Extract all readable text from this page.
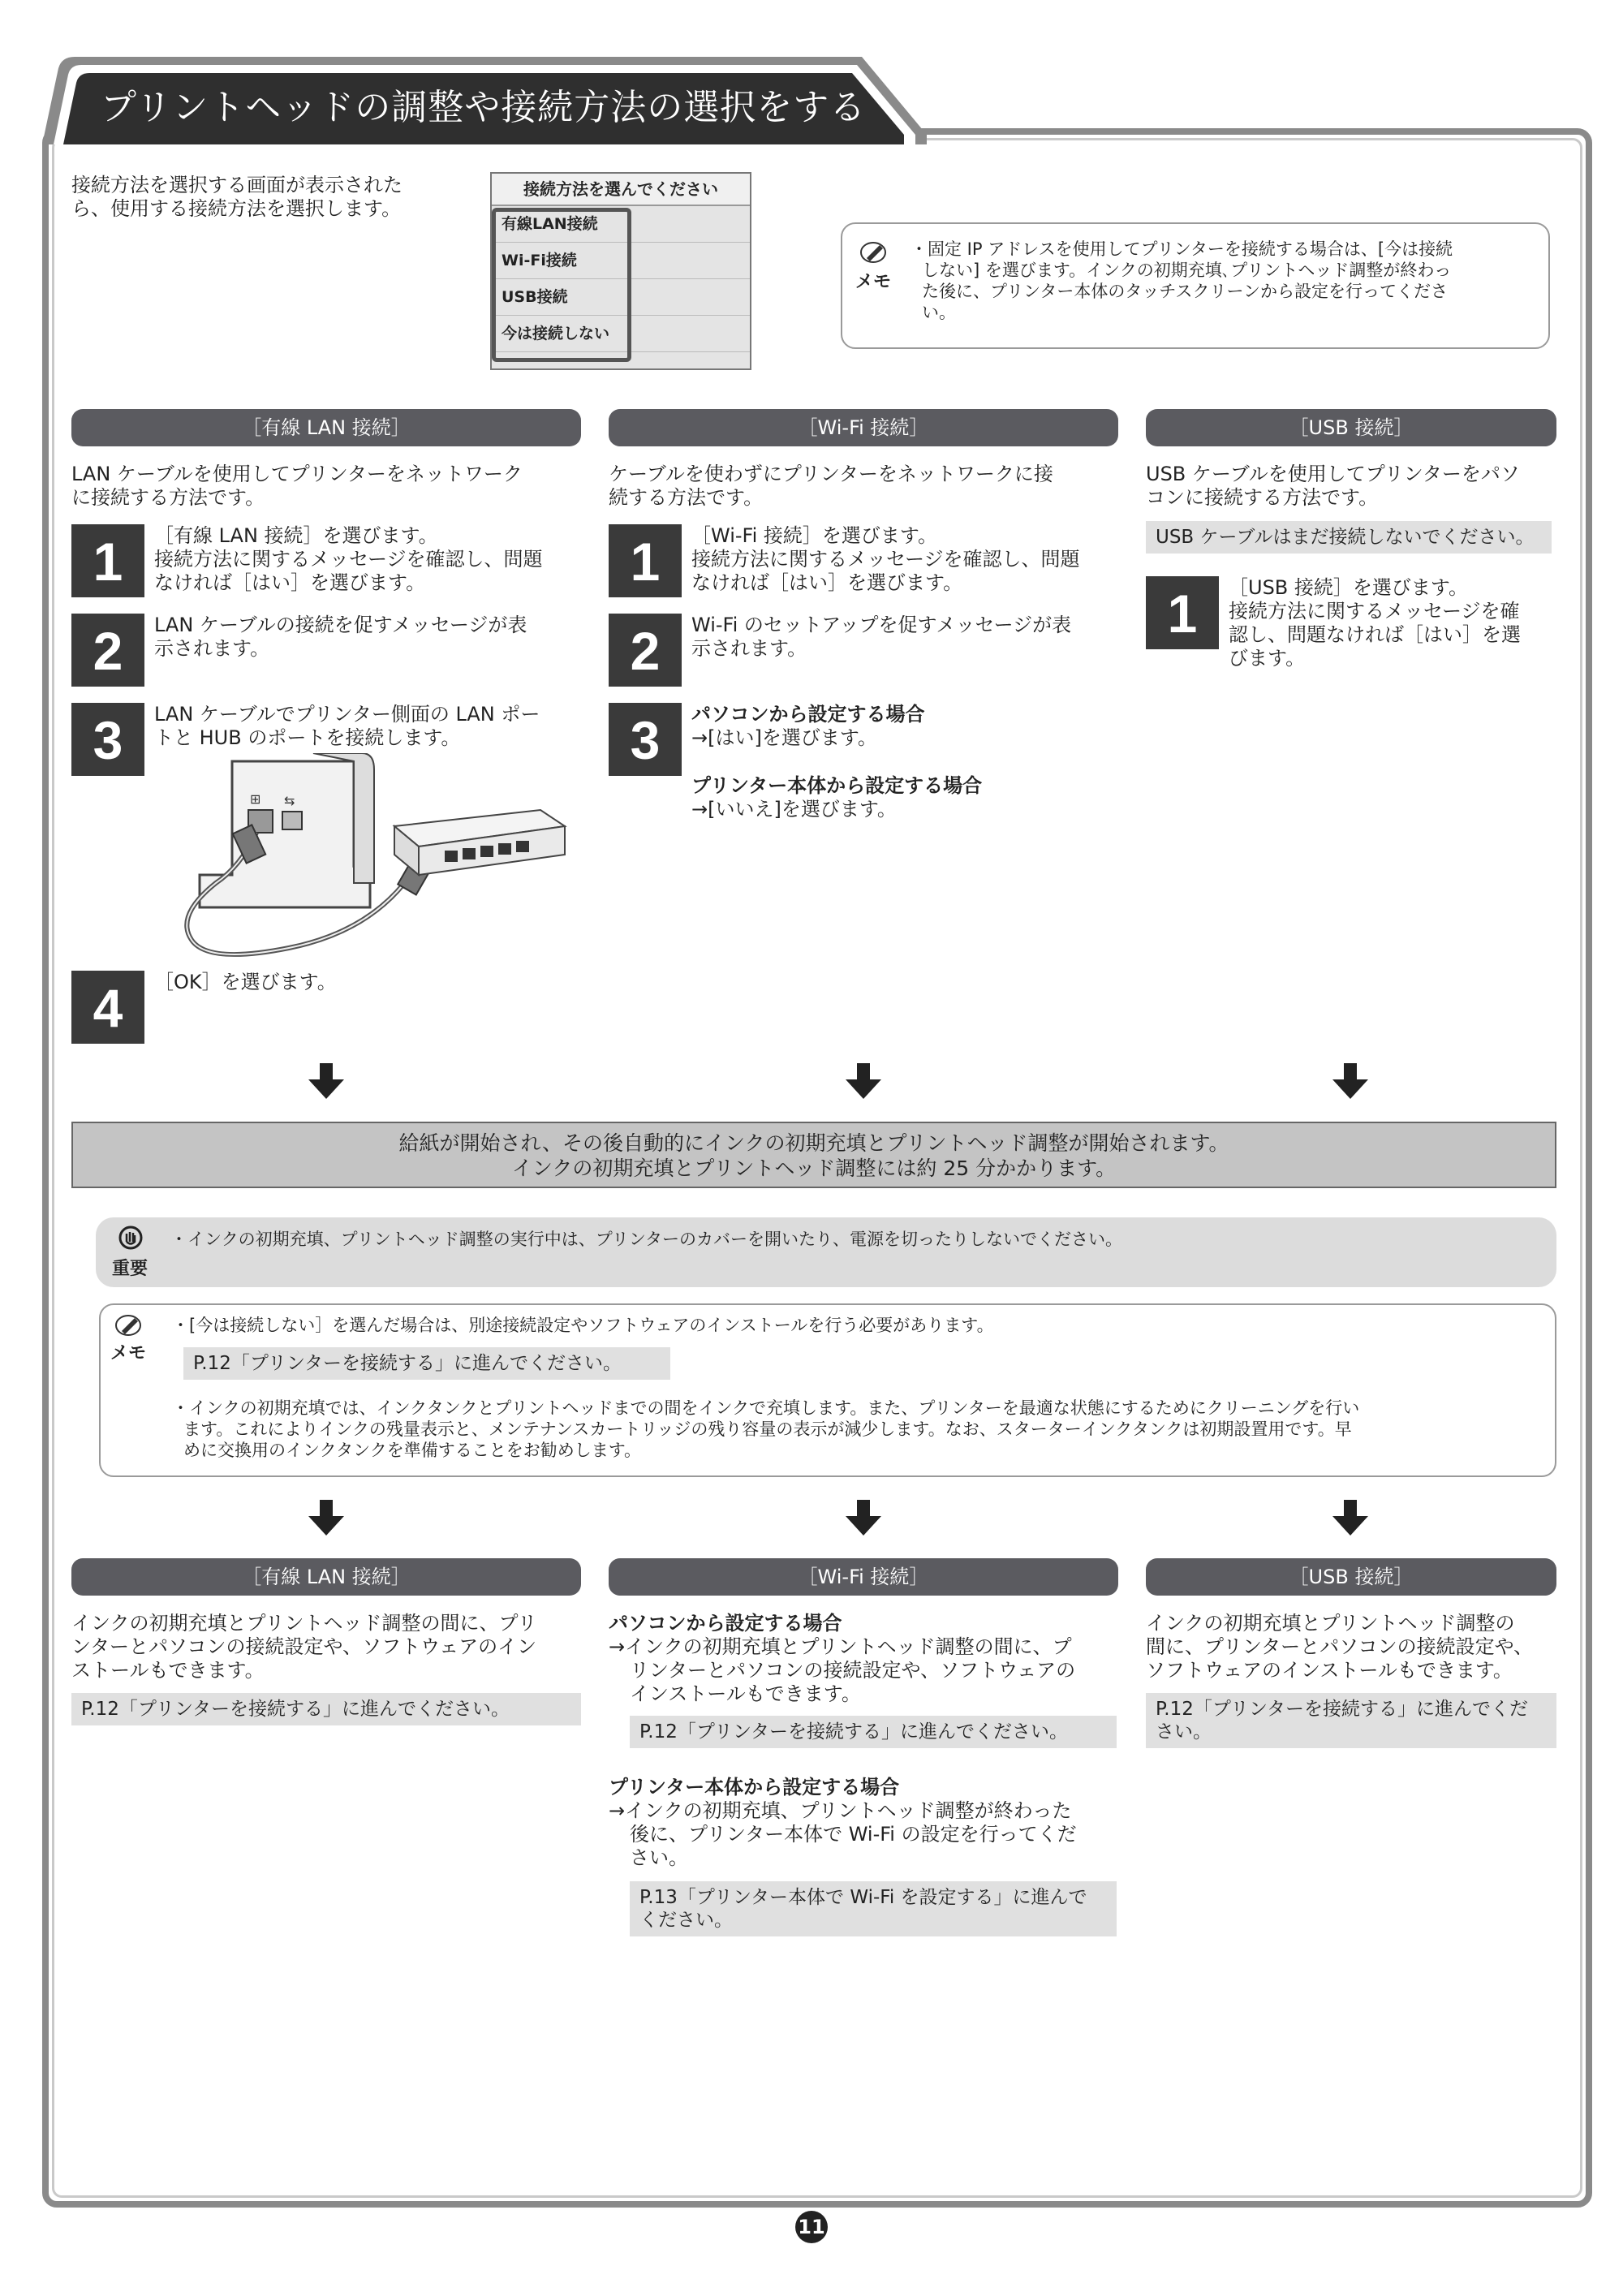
プリントヘッドの調整や接続方法の選択をする
接続方法を選択する画面が表示された
ら、使用する接続方法を選択します。
接続方法を選んでください
有線LAN接続
Wi-Fi接続
USB接続
今は接続しない
メモ
・固定 IP アドレスを使用してプリンターを接続する場合は、[今は接続
しない] を選びます。インクの初期充填､プリントヘッド調整が終わっ
た後に、プリンター本体のタッチスクリーンから設定を行ってくださ
い。
［有線 LAN 接続］	［Wi-Fi 接続］	［USB 接続］
LAN ケーブルを使用してプリンターをネットワーク
に接続する方法です。
1	［有線 LAN 接続］を選びます。
接続方法に関するメッセージを確認し、問題
なければ［はい］を選びます。
2	LAN ケーブルの接続を促すメッセージが表
示されます。
3	LAN ケーブルでプリンター側面の LAN ポー
トと HUB のポートを接続します。
⊞ ⇆
4	［OK］を選びます。
ケーブルを使わずにプリンターをネットワークに接
続する方法です。
1	［Wi-Fi 接続］を選びます。
接続方法に関するメッセージを確認し、問題
なければ［はい］を選びます。
2	Wi-Fi のセットアップを促すメッセージが表
示されます。
3	パソコンから設定する場合
→[はい]を選びます。
プリンター本体から設定する場合
→[いいえ]を選びます。
USB ケーブルを使用してプリンターをパソ
コンに接続する方法です。
USB ケーブルはまだ接続しないでください。
1	［USB 接続］を選びます。
接続方法に関するメッセージを確
認し、問題なければ［はい］を選
びます。
給紙が開始され、その後自動的にインクの初期充填とプリントヘッド調整が開始されます。
インクの初期充填とプリントヘッド調整には約 25 分かかります。
重要
・インクの初期充填、プリントヘッド調整の実行中は、プリンターのカバーを開いたり、電源を切ったりしないでください。
メモ
・[今は接続しない］を選んだ場合は、別途接続設定やソフトウェアのインストールを行う必要があります。
P.12「プリンターを接続する」に進んでください。
・インクの初期充填では、インクタンクとプリントヘッドまでの間をインクで充填します。また、プリンターを最適な状態にするためにクリーニングを行い
ます。これによりインクの残量表示と、メンテナンスカートリッジの残り容量の表示が減少します。なお、スターターインクタンクは初期設置用です。早
めに交換用のインクタンクを準備することをお勧めします。
［有線 LAN 接続］	［Wi-Fi 接続］	［USB 接続］
インクの初期充填とプリントヘッド調整の間に、プリ
ンターとパソコンの接続設定や、ソフトウェアのイン
ストールもできます。
P.12「プリンターを接続する」に進んでください。
パソコンから設定する場合
→インクの初期充填とプリントヘッド調整の間に、プ
リンターとパソコンの接続設定や、ソフトウェアの
インストールもできます。
P.12「プリンターを接続する」に進んでください。
プリンター本体から設定する場合
→インクの初期充填、プリントヘッド調整が終わった
後に、プリンター本体で Wi-Fi の設定を行ってくだ
さい。
P.13「プリンター本体で Wi-Fi を設定する」に進んで
ください。
インクの初期充填とプリントヘッド調整の
間に、プリンターとパソコンの接続設定や、
ソフトウェアのインストールもできます。
P.12「プリンターを接続する」に進んでくだ
さい。
11
